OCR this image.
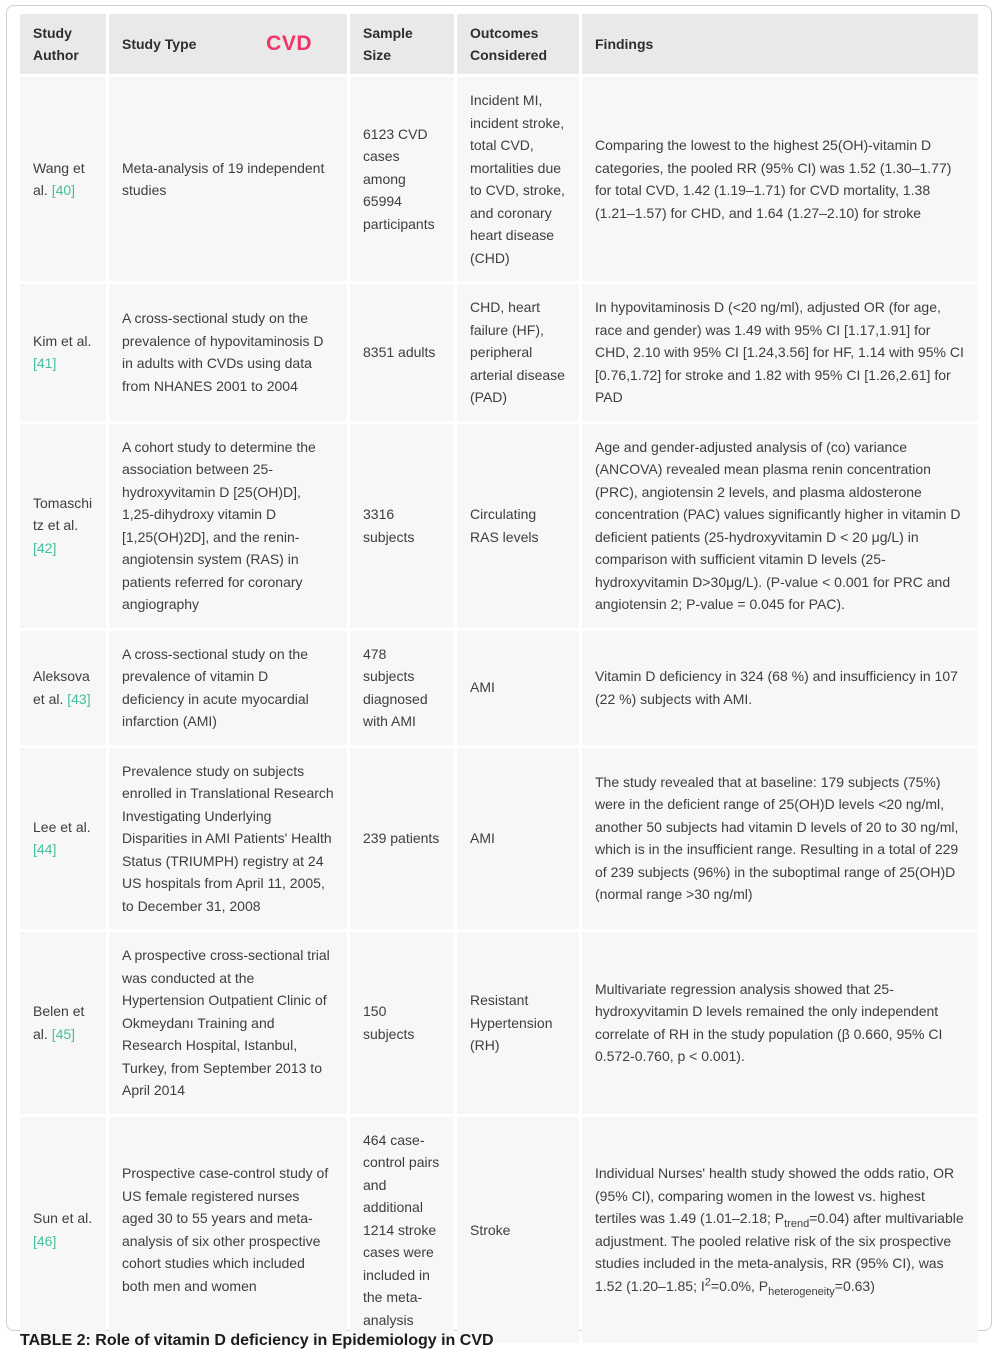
Study Author	Study Type CVD	Sample Size	Outcomes Considered	Findings
Wang et al. [40]	Meta-analysis of 19 independent studies	6123 CVD cases among 65994 participants	Incident MI, incident stroke, total CVD, mortalities due to CVD, stroke, and coronary heart disease (CHD)	Comparing the lowest to the highest 25(OH)-vitamin D categories, the pooled RR (95% CI) was 1.52 (1.30–1.77) for total CVD, 1.42 (1.19–1.71) for CVD mortality, 1.38 (1.21–1.57) for CHD, and 1.64 (1.27–2.10) for stroke
Kim et al. [41]	A cross-sectional study on the prevalence of hypovitaminosis D in adults with CVDs using data from NHANES 2001 to 2004	8351 adults	CHD, heart failure (HF), peripheral arterial disease (PAD)	In hypovitaminosis D (<20 ng/ml), adjusted OR (for age, race and gender) was 1.49 with 95% CI [1.17,1.91] for CHD, 2.10 with 95% CI [1.24,3.56] for HF, 1.14 with 95% CI [0.76,1.72] for stroke and 1.82 with 95% CI [1.26,2.61] for PAD
Tomaschitz et al. [42]	A cohort study to determine the association between 25-hydroxyvitamin D [25(OH)D], 1,25-dihydroxy vitamin D [1,25(OH)2D], and the renin-angiotensin system (RAS) in patients referred for coronary angiography	3316 subjects	Circulating RAS levels	Age and gender-adjusted analysis of (co) variance (ANCOVA) revealed mean plasma renin concentration (PRC), angiotensin 2 levels, and plasma aldosterone concentration (PAC) values significantly higher in vitamin D deficient patients (25-hydroxyvitamin D < 20 μg/L) in comparison with sufficient vitamin D levels (25- hydroxyvitamin D>30μg/L). (P-value < 0.001 for PRC and angiotensin 2; P-value = 0.045 for PAC).
Aleksova et al. [43]	A cross-sectional study on the prevalence of vitamin D deficiency in acute myocardial infarction (AMI)	478 subjects diagnosed with AMI	AMI	Vitamin D deficiency in 324 (68 %) and insufficiency in 107 (22 %) subjects with AMI.
Lee et al. [44]	Prevalence study on subjects enrolled in Translational Research Investigating Underlying Disparities in AMI Patients' Health Status (TRIUMPH) registry at 24 US hospitals from April 11, 2005, to December 31, 2008	239 patients	AMI	The study revealed that at baseline: 179 subjects (75%) were in the deficient range of 25(OH)D levels <20 ng/ml, another 50 subjects had vitamin D levels of 20 to 30 ng/ml, which is in the insufficient range. Resulting in a total of 229 of 239 subjects (96%) in the suboptimal range of 25(OH)D (normal range >30 ng/ml)
Belen et al. [45]	A prospective cross-sectional trial was conducted at the Hypertension Outpatient Clinic of Okmeydanı Training and Research Hospital, Istanbul, Turkey, from September 2013 to April 2014	150 subjects	Resistant Hypertension (RH)	Multivariate regression analysis showed that 25-hydroxyvitamin D levels remained the only independent correlate of RH in the study population (β 0.660, 95% CI 0.572-0.760, p < 0.001).
Sun et al. [46]	Prospective case-control study of US female registered nurses aged 30 to 55 years and meta-analysis of six other prospective cohort studies which included both men and women	464 case-control pairs and additional 1214 stroke cases were included in the meta-analysis	Stroke	Individual Nurses' health study showed the odds ratio, OR (95% CI), comparing women in the lowest vs. highest tertiles was 1.49 (1.01–2.18; $P_{trend}=0.04$) after multivariable adjustment. The pooled relative risk of the six prospective studies included in the meta-analysis, RR (95% CI), was 1.52 (1.20–1.85; $I^2=0.0\%$, $P_{heterogeneity}=0.63$)
TABLE 2: Role of vitamin D deficiency in Epidemiology in CVD
